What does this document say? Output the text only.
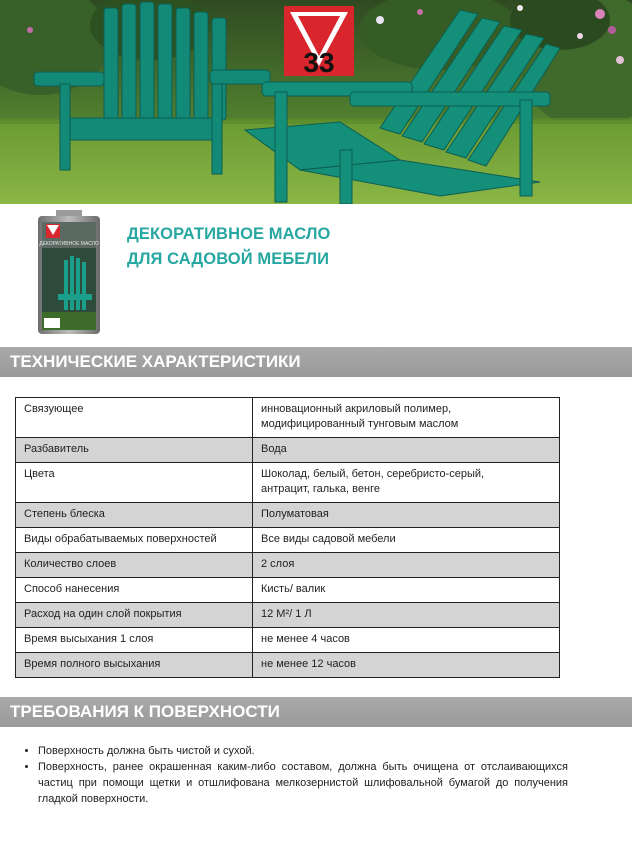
33
ДЕКОРАТИВНОЕ МАСЛО
ДЕКОРАТИВНОЕ МАСЛО
ДЛЯ САДОВОЙ МЕБЕЛИ
ТЕХНИЧЕСКИЕ ХАРАКТЕРИСТИКИ
Связующее	инновационный акриловый полимер,
модифицированный тунговым маслом

Разбавитель	Вода
Цвета	Шоколад, белый, бетон, серебристо-серый,
антрацит, галька, венге

Степень блеска	Полуматовая
Виды обрабатываемых поверхностей	Все виды садовой мебели
Количество слоев	2 слоя
Способ нанесения	Кисть/ валик
Расход на один слой покрытия	12 М²/ 1 Л
Время высыхания 1 слоя	не менее 4 часов
Время полного высыхания	не менее 12 часов
ТРЕБОВАНИЯ К ПОВЕРХНОСТИ
• Поверхность должна быть чистой и сухой.
• Поверхность, ранее окрашенная каким-либо составом, должна быть очищена от отслаивающихся частиц при помощи щетки и отшлифована мелкозернистой шлифовальной бумагой до получения гладкой поверхности.
